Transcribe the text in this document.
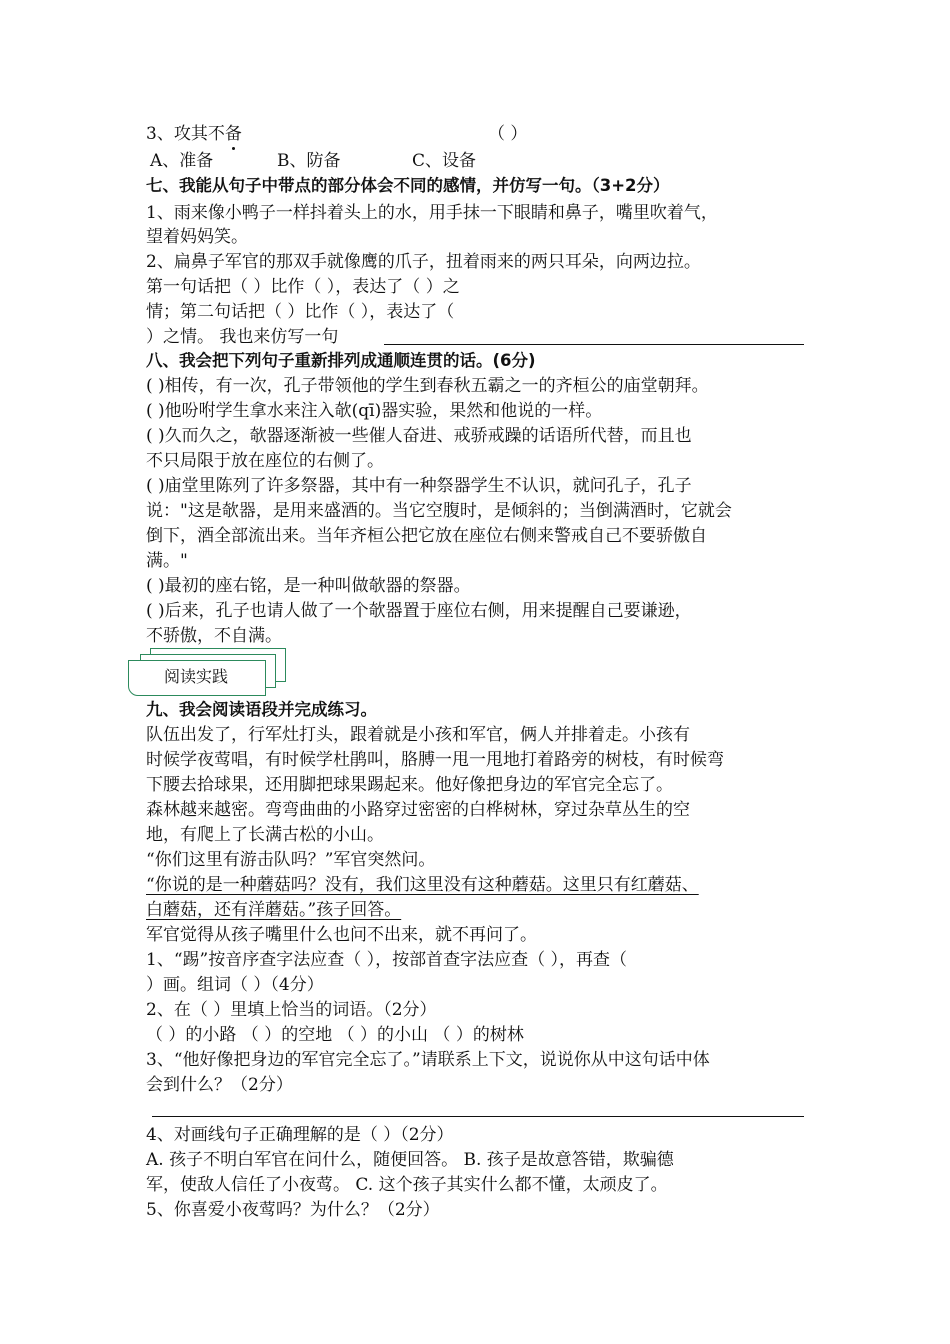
3、攻其不备	（ ）
A、准备	B、防备	C、设备
七、我能从句子中带点的部分体会不同的感情，并仿写一句。（3+2分）
1、雨来像小鸭子一样抖着头上的水，用手抹一下眼睛和鼻子，嘴里吹着气，
望着妈妈笑。
2、扁鼻子军官的那双手就像鹰的爪子，扭着雨来的两只耳朵，向两边拉。
第一句话把（ ）比作（ ），表达了（ ）之
情；第二句话把（ ）比作（ ），表达了（
）之情。 我也来仿写一句
八、我会把下列句子重新排列成通顺连贯的话。(6分)
( )相传，有一次，孔子带领他的学生到春秋五霸之一的齐桓公的庙堂朝拜。
( )他吩咐学生拿水来注入欹(qī)器实验，果然和他说的一样。
( )久而久之，欹器逐渐被一些催人奋进、戒骄戒躁的话语所代替，而且也
不只局限于放在座位的右侧了。
( )庙堂里陈列了许多祭器，其中有一种祭器学生不认识，就问孔子，孔子
说："这是欹器，是用来盛酒的。当它空腹时，是倾斜的；当倒满酒时，它就会
倒下，酒全部流出来。当年齐桓公把它放在座位右侧来警戒自己不要骄傲自
满。"
( )最初的座右铭，是一种叫做欹器的祭器。
( )后来，孔子也请人做了一个欹器置于座位右侧，用来提醒自己要谦逊，
不骄傲，不自满。
阅读实践
九、我会阅读语段并完成练习。
队伍出发了，行军灶打头，跟着就是小孩和军官，俩人并排着走。小孩有
时候学夜莺唱，有时候学杜鹃叫，胳膊一甩一甩地打着路旁的树枝，有时候弯
下腰去拾球果，还用脚把球果踢起来。他好像把身边的军官完全忘了。
森林越来越密。弯弯曲曲的小路穿过密密的白桦树林，穿过杂草丛生的空
地，有爬上了长满古松的小山。
“你们这里有游击队吗？”军官突然问。
“你说的是一种蘑菇吗？没有，我们这里没有这种蘑菇。这里只有红蘑菇、
白蘑菇，还有洋蘑菇。”孩子回答。
军官觉得从孩子嘴里什么也问不出来，就不再问了。
1、“踢”按音序查字法应查（ ），按部首查字法应查（ ），再查（
）画。组词（ ）（4分）
2、在（ ）里填上恰当的词语。（2分）
（ ）的小路 （ ）的空地 （ ）的小山 （ ）的树林
3、“他好像把身边的军官完全忘了。”请联系上下文，说说你从中这句话中体
会到什么？（2分）
4、对画线句子正确理解的是（ ）（2分）
A. 孩子不明白军官在问什么，随便回答。 B. 孩子是故意答错，欺骗德
军，使敌人信任了小夜莺。 C. 这个孩子其实什么都不懂，太顽皮了。
5、你喜爱小夜莺吗？为什么？（2分）
